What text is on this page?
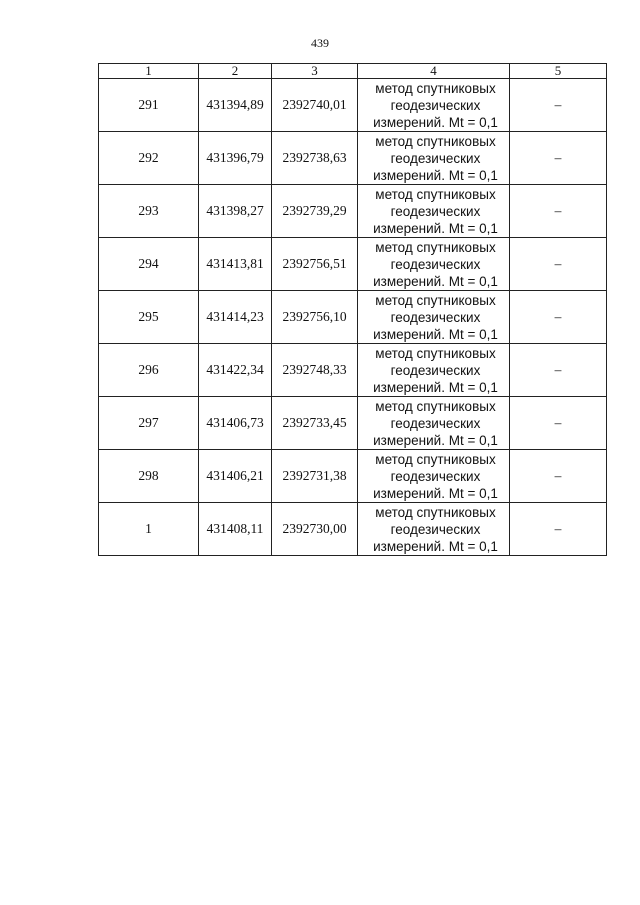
439
1	2	3	4	5
291	431394,89	2392740,01	метод спутниковых
геодезических
измерений. Mt = 0,1	–
292	431396,79	2392738,63	метод спутниковых
геодезических
измерений. Mt = 0,1	–
293	431398,27	2392739,29	метод спутниковых
геодезических
измерений. Mt = 0,1	–
294	431413,81	2392756,51	метод спутниковых
геодезических
измерений. Mt = 0,1	–
295	431414,23	2392756,10	метод спутниковых
геодезических
измерений. Mt = 0,1	–
296	431422,34	2392748,33	метод спутниковых
геодезических
измерений. Mt = 0,1	–
297	431406,73	2392733,45	метод спутниковых
геодезических
измерений. Mt = 0,1	–
298	431406,21	2392731,38	метод спутниковых
геодезических
измерений. Mt = 0,1	–
1	431408,11	2392730,00	метод спутниковых
геодезических
измерений. Mt = 0,1	–
